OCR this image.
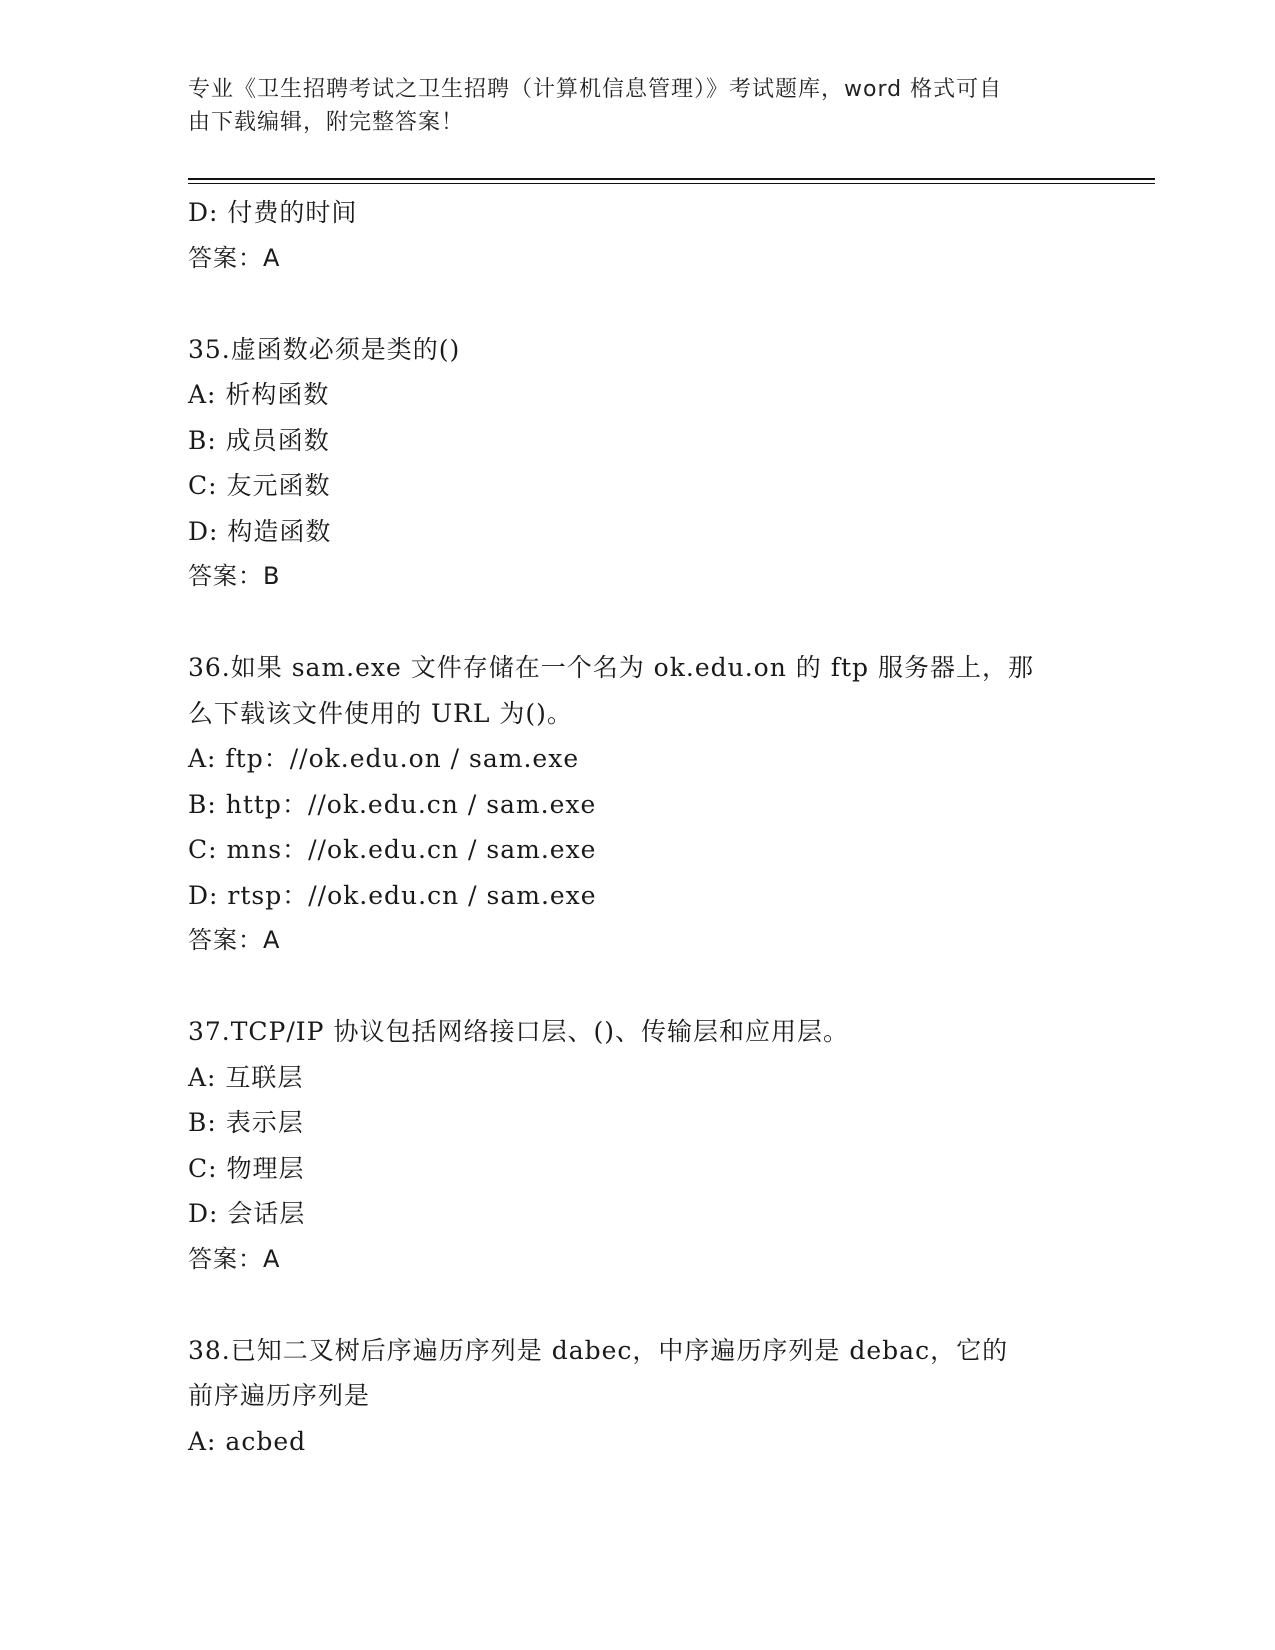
专业《卫生招聘考试之卫生招聘（计算机信息管理）》考试题库，word 格式可自
由下载编辑，附完整答案！
D: 付费的时间
答案：A
35.虚函数必须是类的()
A: 析构函数
B: 成员函数
C: 友元函数
D: 构造函数
答案：B
36.如果 sam.exe 文件存储在一个名为 ok.edu.on 的 ftp 服务器上，那
么下载该文件使用的 URL 为()。
A: ftp：//ok.edu.on / sam.exe
B: http：//ok.edu.cn / sam.exe
C: mns：//ok.edu.cn / sam.exe
D: rtsp：//ok.edu.cn / sam.exe
答案：A
37.TCP/IP 协议包括网络接口层、()、传输层和应用层。
A: 互联层
B: 表示层
C: 物理层
D: 会话层
答案：A
38.已知二叉树后序遍历序列是 dabec，中序遍历序列是 debac，它的
前序遍历序列是
A: acbed
